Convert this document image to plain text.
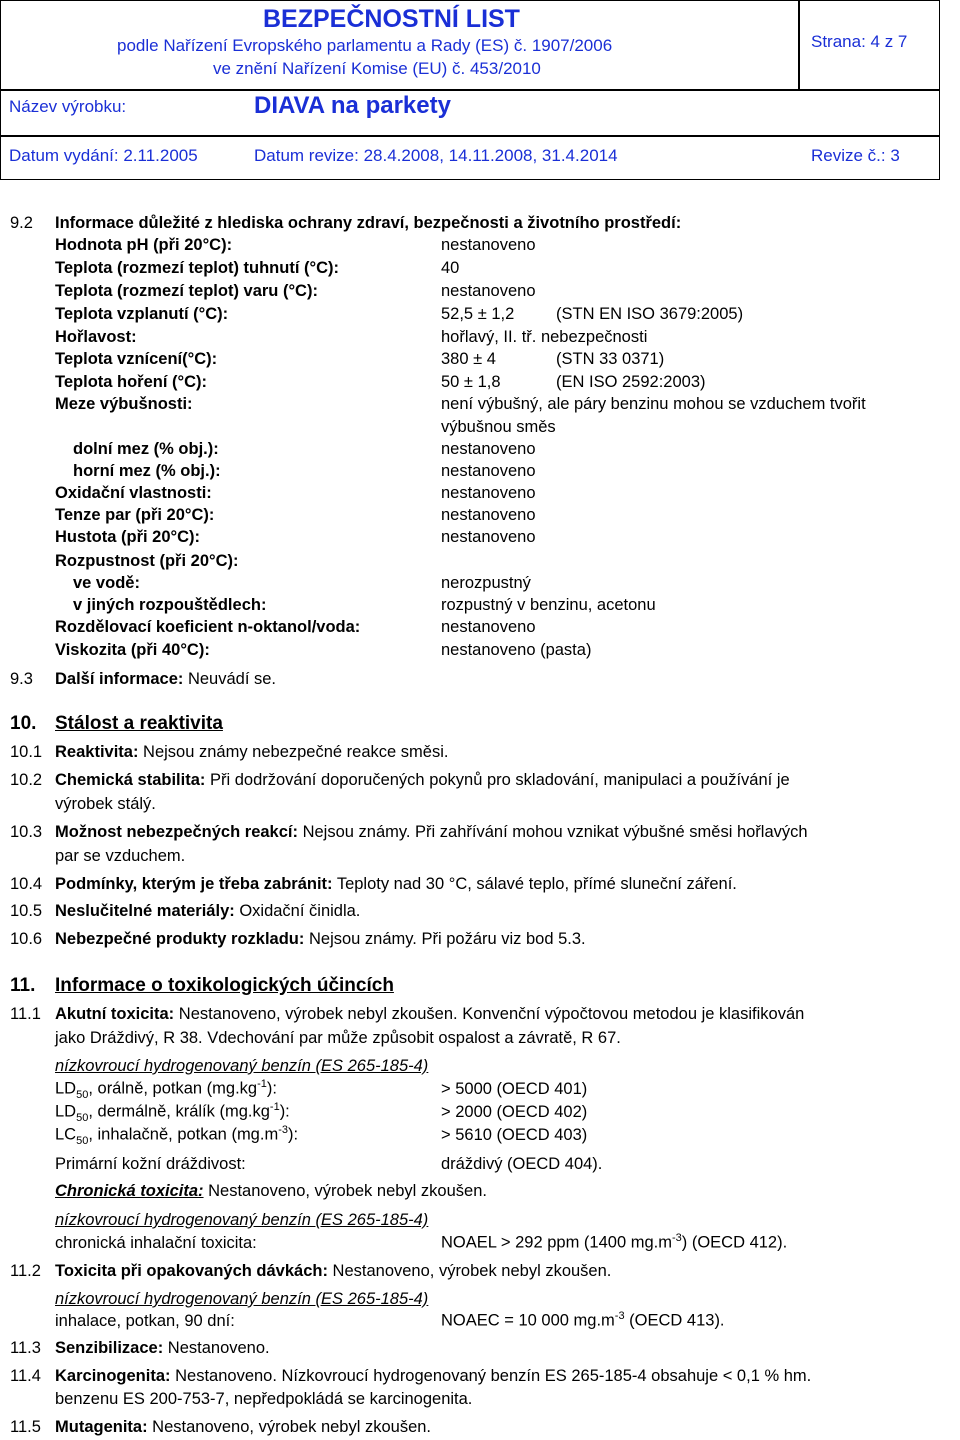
BEZPEČNOSTNÍ LIST
podle Nařízení Evropského parlamentu a Rady (ES) č. 1907/2006
ve znění Nařízení Komise (EU) č. 453/2010
Strana: 4 z 7
Název výrobku:	DIAVA na parkety
Datum vydání: 2.11.2005	Datum revize: 28.4.2008, 14.11.2008, 31.4.2014	Revize č.: 3
9.2 Informace důležité z hlediska ochrany zdraví, bezpečnosti a životního prostředí:
Hodnota pH (při 20°C):	nestanoveno
Teplota (rozmezí teplot) tuhnutí (°C):	40
Teplota (rozmezí teplot) varu (°C):	nestanoveno
Teplota vzplanutí (°C):	52,5 ± 1,2	(STN EN ISO 3679:2005)
Hořlavost:	hořlavý, II. tř. nebezpečnosti
Teplota vznícení(°C):	380 ± 4	(STN 33 0371)
Teplota hoření (°C):	50 ± 1,8	(EN ISO 2592:2003)
Meze výbušnosti:	není výbušný, ale páry benzinu mohou se vzduchem tvořit
výbušnou směs
dolní mez (% obj.):	nestanoveno
horní mez (% obj.):	nestanoveno
Oxidační vlastnosti:	nestanoveno
Tenze par (při 20°C):	nestanoveno
Hustota (při 20°C):	nestanoveno
Rozpustnost (při 20°C):
ve vodě:	nerozpustný
v jiných rozpouštědlech:	rozpustný v benzinu, acetonu
Rozdělovací koeficient n-oktanol/voda:	nestanoveno
Viskozita (při 40°C):	nestanoveno (pasta)
9.3 Další informace: Neuvádí se.
10. Stálost a reaktivita
10.1 Reaktivita: Nejsou známy nebezpečné reakce směsi.
10.2 Chemická stabilita: Při dodržování doporučených pokynů pro skladování, manipulaci a používání je
výrobek stálý.
10.3 Možnost nebezpečných reakcí: Nejsou známy. Při zahřívání mohou vznikat výbušné směsi hořlavých
par se vzduchem.
10.4 Podmínky, kterým je třeba zabránit: Teploty nad 30 °C, sálavé teplo, přímé sluneční záření.
10.5 Neslučitelné materiály: Oxidační činidla.
10.6 Nebezpečné produkty rozkladu: Nejsou známy. Při požáru viz bod 5.3.
11. Informace o toxikologických účincích
11.1 Akutní toxicita: Nestanoveno, výrobek nebyl zkoušen. Konvenční výpočtovou metodou je klasifikován
jako Dráždivý, R 38. Vdechování par může způsobit ospalost a závratě, R 67.
nízkovroucí hydrogenovaný benzín (ES 265-185-4)
$LD_{50}$, orálně, potkan $(mg.kg^{-1})$:	> 5000 (OECD 401)
$LD_{50}$, dermálně, králík $(mg.kg^{-1})$:	> 2000 (OECD 402)
$LC_{50}$, inhalačně, potkan $(mg.m^{-3})$:	> 5610 (OECD 403)
Primární kožní dráždivost:	dráždivý (OECD 404).
Chronická toxicita: Nestanoveno, výrobek nebyl zkoušen.
nízkovroucí hydrogenovaný benzín (ES 265-185-4)
chronická inhalační toxicita:	NOAEL > 292 ppm (1400 $mg.m^{-3}$) (OECD 412).
11.2 Toxicita při opakovaných dávkách: Nestanoveno, výrobek nebyl zkoušen.
nízkovroucí hydrogenovaný benzín (ES 265-185-4)
inhalace, potkan, 90 dní:	NOAEC = 10 000 $mg.m^{-3}$ (OECD 413).
11.3 Senzibilizace: Nestanoveno.
11.4 Karcinogenita: Nestanoveno. Nízkovroucí hydrogenovaný benzín ES 265-185-4 obsahuje < 0,1 % hm.
benzenu ES 200-753-7, nepředpokládá se karcinogenita.
11.5 Mutagenita: Nestanoveno, výrobek nebyl zkoušen.
